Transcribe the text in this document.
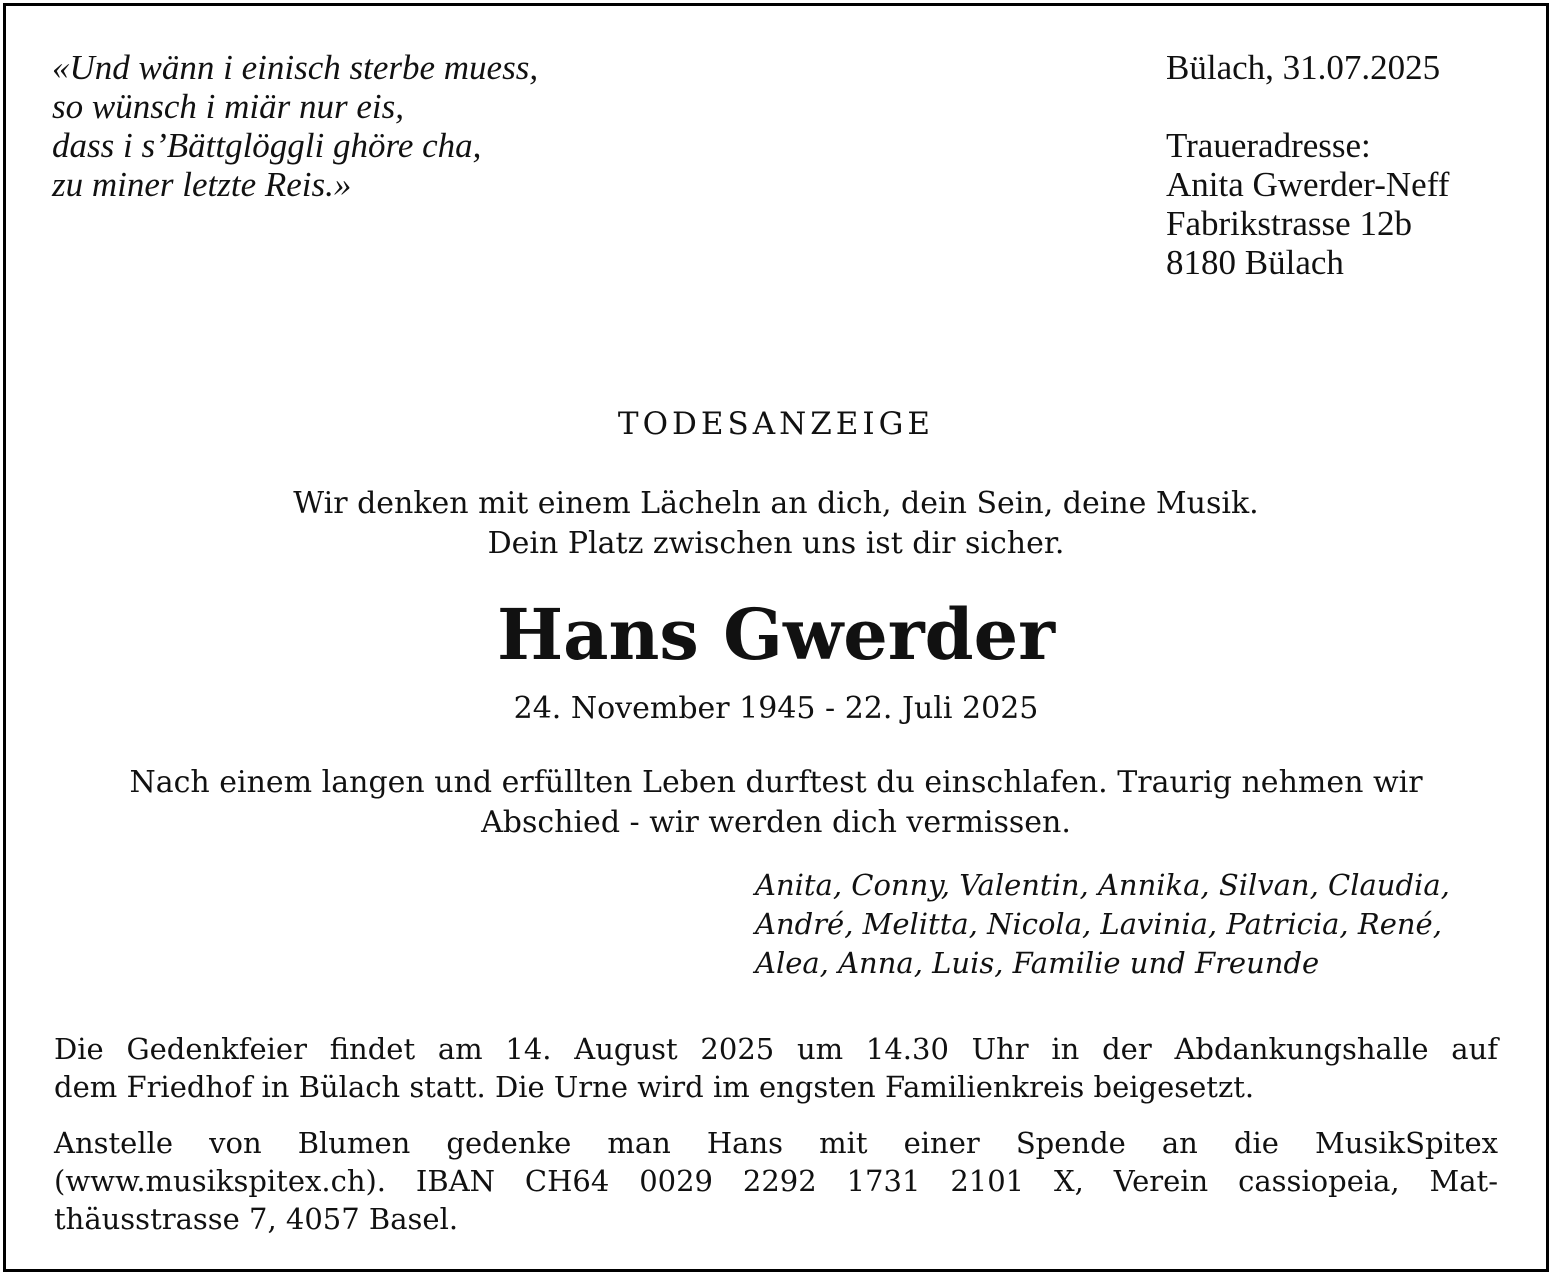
«Und wänn i einisch sterbe muess,
so wünsch i miär nur eis,
dass i s’Bättglöggli ghöre cha,
zu miner letzte Reis.»
Bülach, 31.07.2025
Traueradresse:
Anita Gwerder-Neff
Fabrikstrasse 12b
8180 Bülach
TODESANZEIGE
Wir denken mit einem Lächeln an dich, dein Sein, deine Musik.
Dein Platz zwischen uns ist dir sicher.
Hans Gwerder
24. November 1945 - 22. Juli 2025
Nach einem langen und erfüllten Leben durftest du einschlafen. Traurig nehmen wir
Abschied - wir werden dich vermissen.
Anita, Conny, Valentin, Annika, Silvan, Claudia,
André, Melitta, Nicola, Lavinia, Patricia, René,
Alea, Anna, Luis, Familie und Freunde
Die Gedenkfeier findet am 14. August 2025 um 14.30 Uhr in der Abdankungshalle auf
dem Friedhof in Bülach statt. Die Urne wird im engsten Familienkreis beigesetzt.
Anstelle von Blumen gedenke man Hans mit einer Spende an die MusikSpitex
(www.musikspitex.ch). IBAN CH64 0029 2292 1731 2101 X, Verein cassiopeia, Mat-
thäusstrasse 7, 4057 Basel.
